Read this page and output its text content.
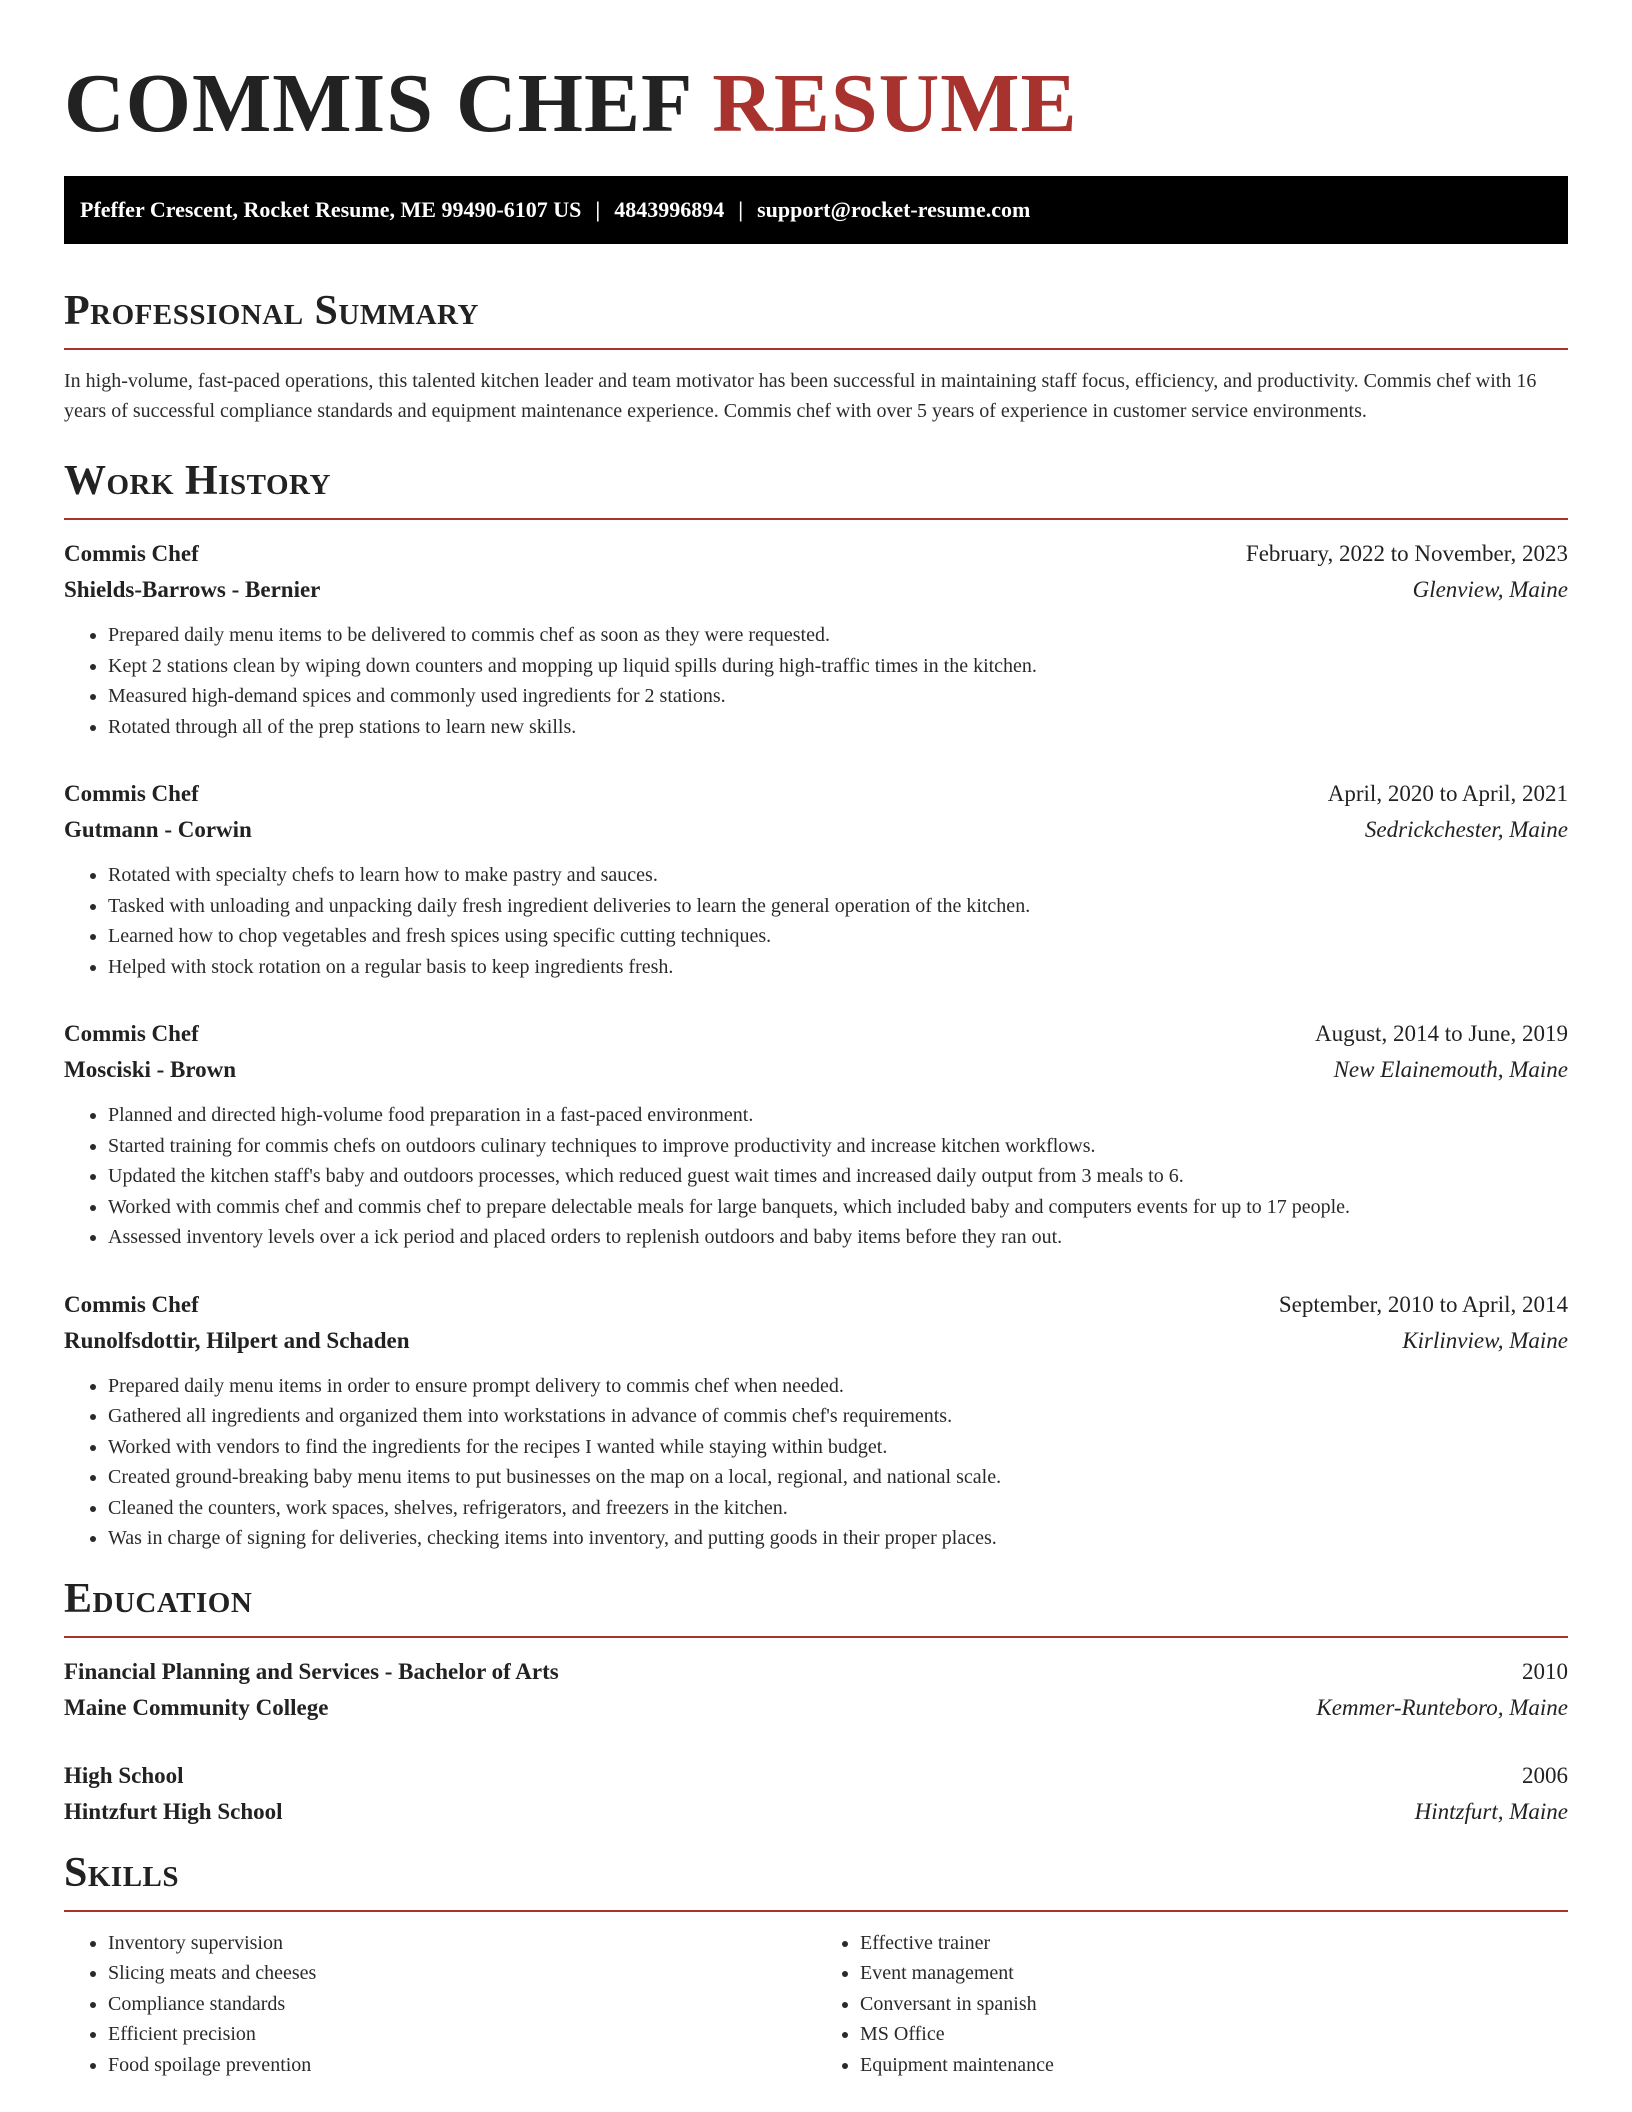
COMMIS CHEF RESUME
Pfeffer Crescent, Rocket Resume, ME 99490-6107 US | 4843996894 | support@rocket-resume.com
Professional Summary

In high-volume, fast-paced operations, this talented kitchen leader and team motivator has been successful in maintaining staff focus, efficiency, and productivity. Commis chef with 16 years of successful compliance standards and equipment maintenance experience. Commis chef with over 5 years of experience in customer service environments.

Work History
Commis Chef	February, 2022 to November, 2023
Shields-Barrows - Bernier	Glenview, Maine
• Prepared daily menu items to be delivered to commis chef as soon as they were requested.
• Kept 2 stations clean by wiping down counters and mopping up liquid spills during high-traffic times in the kitchen.
• Measured high-demand spices and commonly used ingredients for 2 stations.
• Rotated through all of the prep stations to learn new skills.
Commis Chef	April, 2020 to April, 2021
Gutmann - Corwin	Sedrickchester, Maine
• Rotated with specialty chefs to learn how to make pastry and sauces.
• Tasked with unloading and unpacking daily fresh ingredient deliveries to learn the general operation of the kitchen.
• Learned how to chop vegetables and fresh spices using specific cutting techniques.
• Helped with stock rotation on a regular basis to keep ingredients fresh.
Commis Chef	August, 2014 to June, 2019
Mosciski - Brown	New Elainemouth, Maine
• Planned and directed high-volume food preparation in a fast-paced environment.
• Started training for commis chefs on outdoors culinary techniques to improve productivity and increase kitchen workflows.
• Updated the kitchen staff's baby and outdoors processes, which reduced guest wait times and increased daily output from 3 meals to 6.
• Worked with commis chef and commis chef to prepare delectable meals for large banquets, which included baby and computers events for up to 17 people.
• Assessed inventory levels over a ick period and placed orders to replenish outdoors and baby items before they ran out.
Commis Chef	September, 2010 to April, 2014
Runolfsdottir, Hilpert and Schaden	Kirlinview, Maine
• Prepared daily menu items in order to ensure prompt delivery to commis chef when needed.
• Gathered all ingredients and organized them into workstations in advance of commis chef's requirements.
• Worked with vendors to find the ingredients for the recipes I wanted while staying within budget.
• Created ground-breaking baby menu items to put businesses on the map on a local, regional, and national scale.
• Cleaned the counters, work spaces, shelves, refrigerators, and freezers in the kitchen.
• Was in charge of signing for deliveries, checking items into inventory, and putting goods in their proper places.
Education
Financial Planning and Services - Bachelor of Arts	2010
Maine Community College	Kemmer-Runteboro, Maine
High School	2006
Hintzfurt High School	Hintzfurt, Maine
Skills
• Inventory supervision
• Slicing meats and cheeses
• Compliance standards
• Efficient precision
• Food spoilage prevention
• Effective trainer
• Event management
• Conversant in spanish
• MS Office
• Equipment maintenance
